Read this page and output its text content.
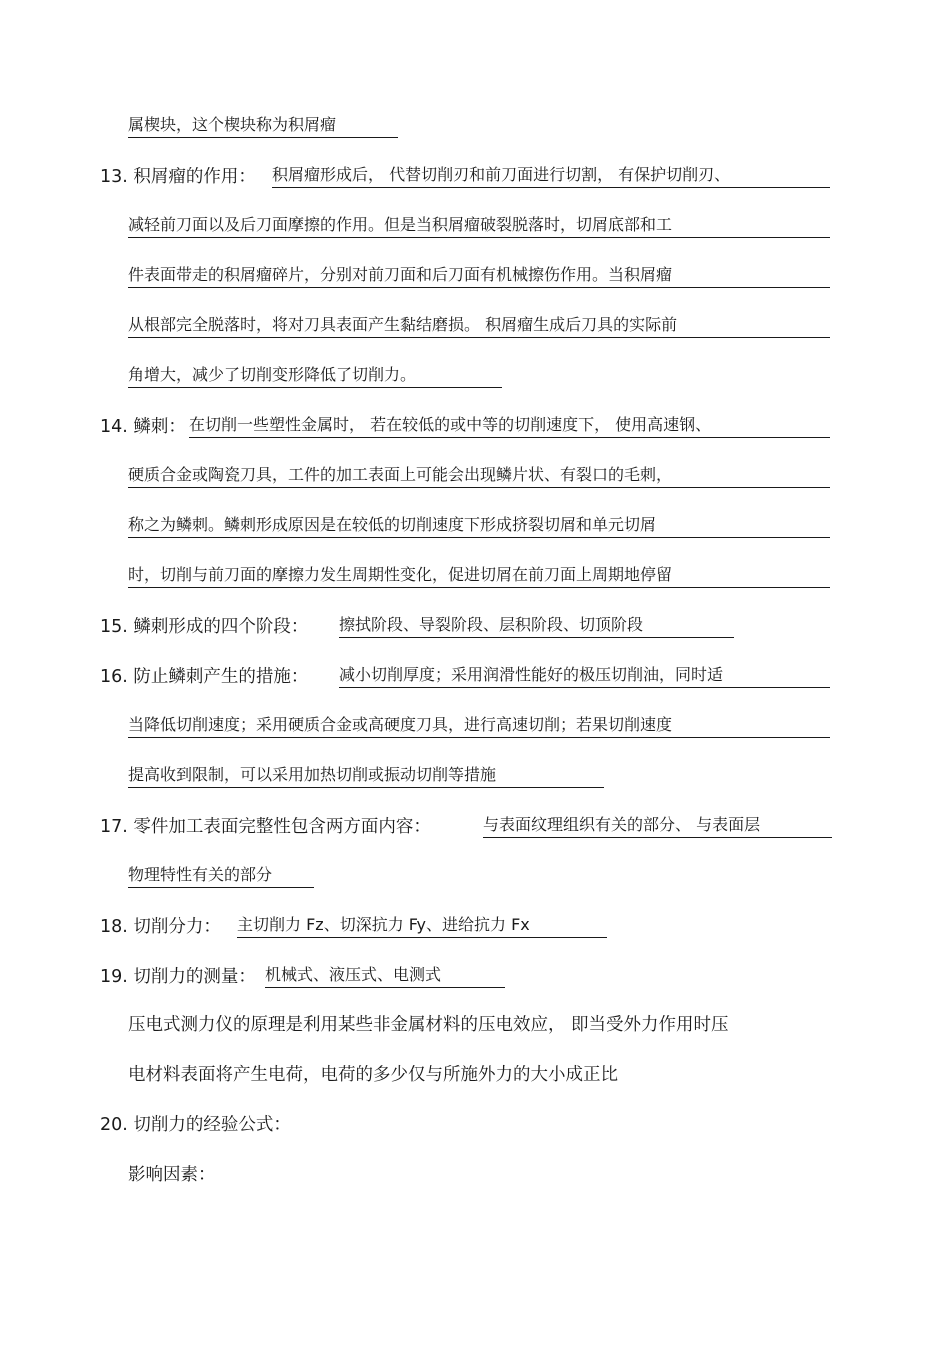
属楔块，这个楔块称为积屑瘤
13. 积屑瘤的作用： 积屑瘤形成后， 代替切削刃和前刀面进行切割， 有保护切削刃、
减轻前刀面以及后刀面摩擦的作用。但是当积屑瘤破裂脱落时，切屑底部和工
件表面带走的积屑瘤碎片，分别对前刀面和后刀面有机械擦伤作用。当积屑瘤
从根部完全脱落时，将对刀具表面产生黏结磨损。 积屑瘤生成后刀具的实际前
角增大，减少了切削变形降低了切削力。
14. 鳞刺： 在切削一些塑性金属时， 若在较低的或中等的切削速度下， 使用高速钢、
硬质合金或陶瓷刀具，工件的加工表面上可能会出现鳞片状、有裂口的毛刺，
称之为鳞刺。鳞刺形成原因是在较低的切削速度下形成挤裂切屑和单元切屑
时，切削与前刀面的摩擦力发生周期性变化，促进切屑在前刀面上周期地停留
15. 鳞刺形成的四个阶段： 擦拭阶段、导裂阶段、层积阶段、切顶阶段
16. 防止鳞刺产生的措施： 减小切削厚度；采用润滑性能好的极压切削油，同时适
当降低切削速度；采用硬质合金或高硬度刀具，进行高速切削；若果切削速度
提高收到限制，可以采用加热切削或振动切削等措施
17. 零件加工表面完整性包含两方面内容：	与表面纹理组织有关的部分、 与表面层
物理特性有关的部分
18. 切削分力： 主切削力 Fz、切深抗力 Fy、进给抗力 Fx
19. 切削力的测量： 机械式、液压式、电测式
压电式测力仪的原理是利用某些非金属材料的压电效应， 即当受外力作用时压
电材料表面将产生电荷，电荷的多少仅与所施外力的大小成正比
20. 切削力的经验公式：
影响因素：
